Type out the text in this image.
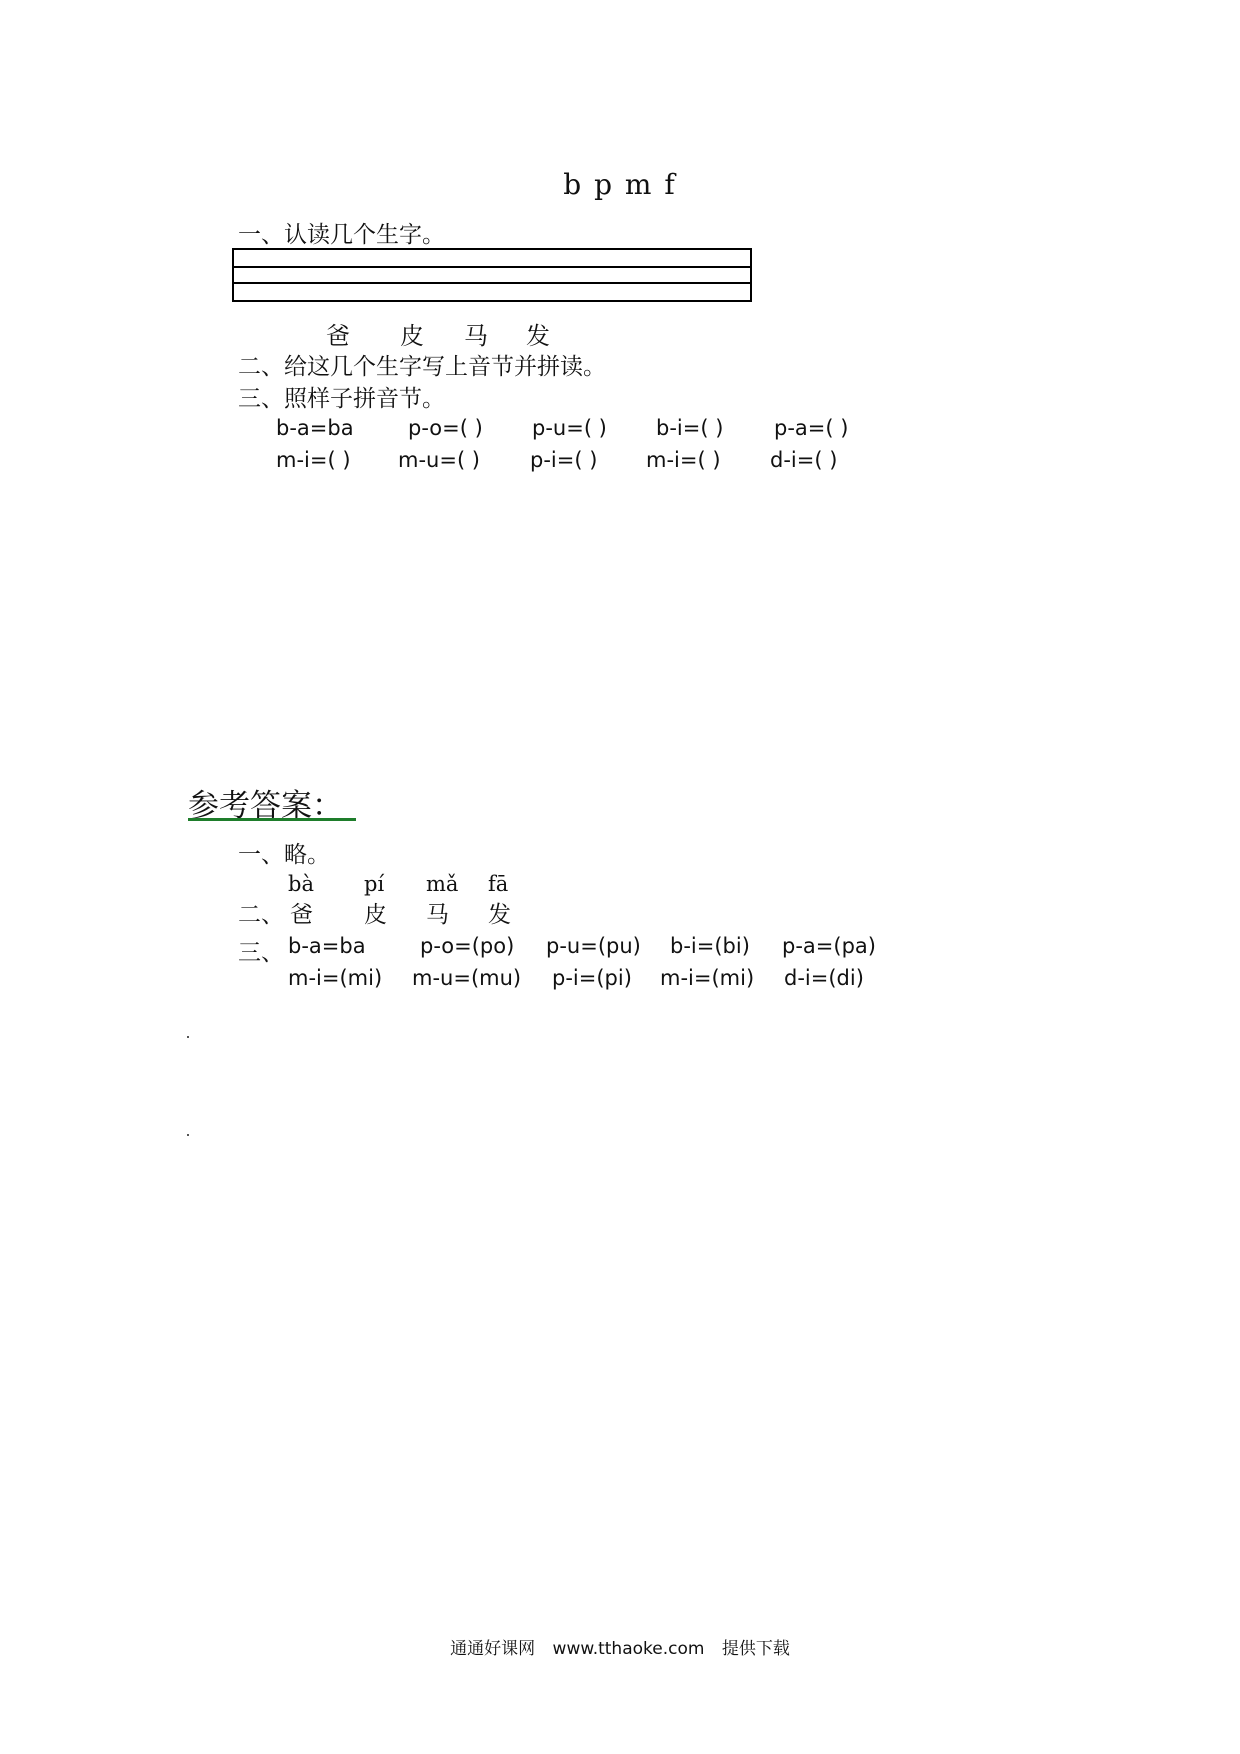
b p m f
一、认读几个生字。
爸 皮 马 发
二、给这几个生字写上音节并拼读。
三、照样子拼音节。
b-a=ba	p-o=( ) p-u=( ) b-i=( ) p-a=( )
m-i=( ) m-u=( ) p-i=( ) m-i=( ) d-i=( )
参考答案：
一、略。
二、
bà pí mǎ fā
爸 皮 马 发
三、 b-a=ba	p-o=(po) p-u=(pu) b-i=(bi) p-a=(pa)
m-i=(mi) m-u=(mu) p-i=(pi) m-i=(mi) d-i=(di)
通通好课网 www.tthaoke.com 提供下载
